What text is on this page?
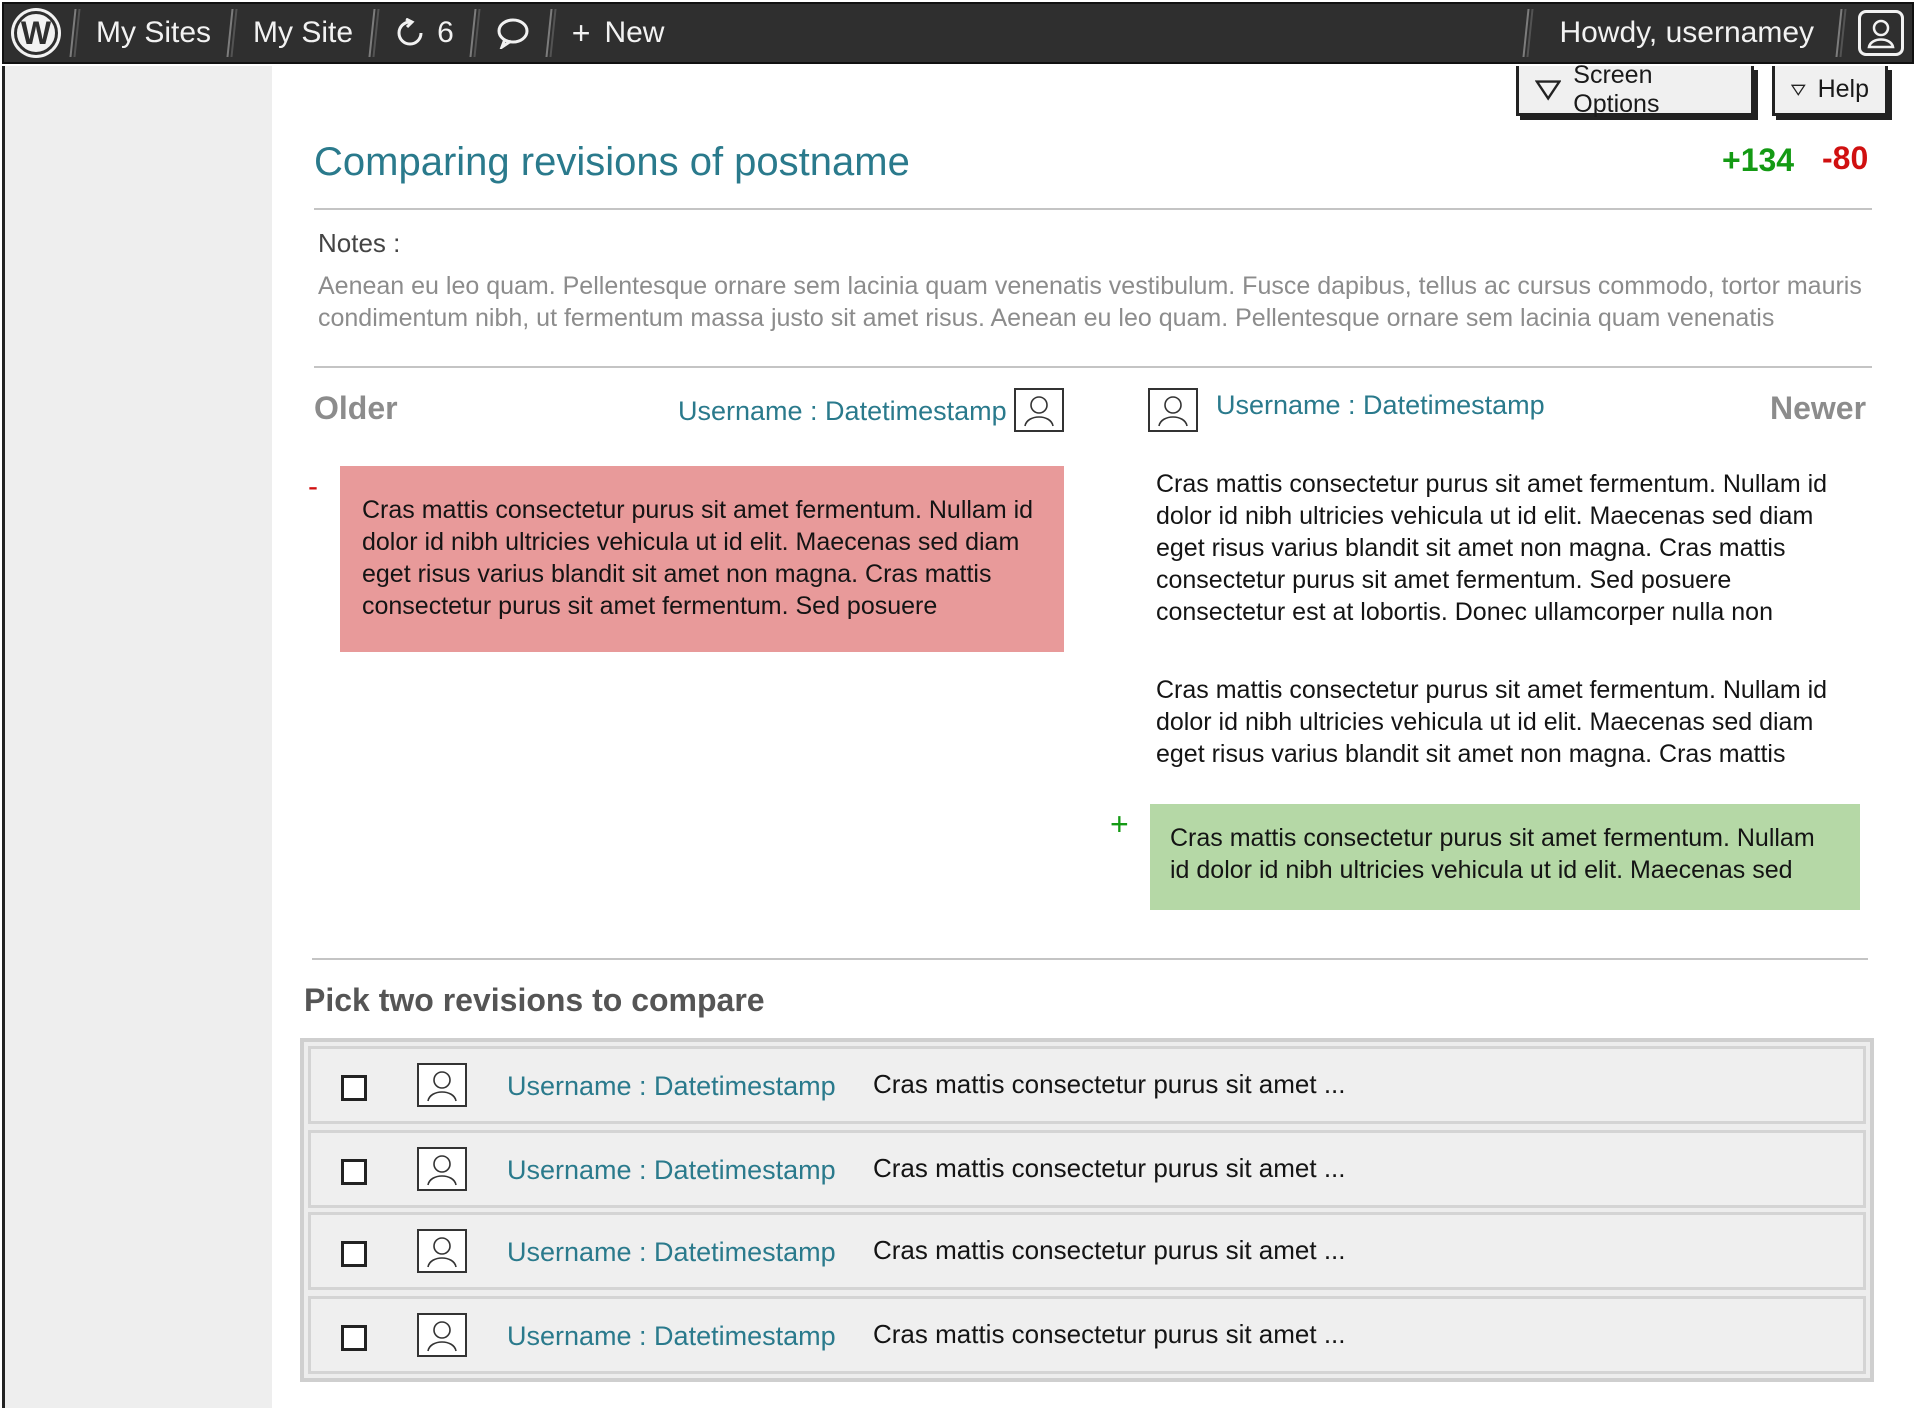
W	My Sites	My Site	6	+ New	Howdy, usernamey
Screen Options
Help
Comparing revisions of postname	+134 -80
Notes :
Aenean eu leo quam. Pellentesque ornare sem lacinia quam venenatis vestibulum. Fusce dapibus, tellus ac cursus commodo, tortor mauris condimentum nibh, ut fermentum massa justo sit amet risus. Aenean eu leo quam. Pellentesque ornare sem lacinia quam venenatis
Older	Username : Datetimestamp	Username : Datetimestamp	Newer
-
Cras mattis consectetur purus sit amet fermentum. Nullam id dolor id nibh ultricies vehicula ut id elit. Maecenas sed diam eget risus varius blandit sit amet non magna. Cras mattis consectetur purus sit amet fermentum. Sed posuere
Cras mattis consectetur purus sit amet fermentum. Nullam id dolor id nibh ultricies vehicula ut id elit. Maecenas sed diam eget risus varius blandit sit amet non magna. Cras mattis consectetur purus sit amet fermentum. Sed posuere consectetur est at lobortis. Donec ullamcorper nulla non
Cras mattis consectetur purus sit amet fermentum. Nullam id dolor id nibh ultricies vehicula ut id elit. Maecenas sed diam eget risus varius blandit sit amet non magna. Cras mattis
+	Cras mattis consectetur purus sit amet fermentum. Nullam id dolor id nibh ultricies vehicula ut id elit. Maecenas sed
Pick two revisions to compare
Username : Datetimestamp Cras mattis consectetur purus sit amet ...
Username : Datetimestamp Cras mattis consectetur purus sit amet ...
Username : Datetimestamp Cras mattis consectetur purus sit amet ...
Username : Datetimestamp Cras mattis consectetur purus sit amet ...
